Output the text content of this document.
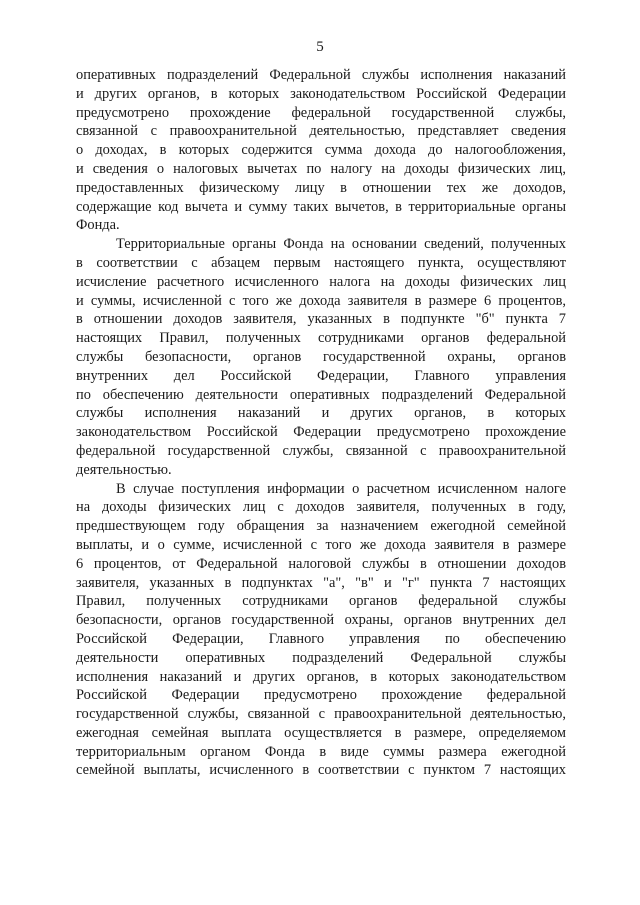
5
оперативных подразделений Федеральной службы исполнения наказаний
и других органов, в которых законодательством Российской Федерации
предусмотрено прохождение федеральной государственной службы,
связанной с правоохранительной деятельностью, представляет сведения
о доходах, в которых содержится сумма дохода до налогообложения,
и сведения о налоговых вычетах по налогу на доходы физических лиц,
предоставленных физическому лицу в отношении тех же доходов,
содержащие код вычета и сумму таких вычетов, в территориальные органы
Фонда.
Территориальные органы Фонда на основании сведений, полученных
в соответствии с абзацем первым настоящего пункта, осуществляют
исчисление расчетного исчисленного налога на доходы физических лиц
и суммы, исчисленной с того же дохода заявителя в размере 6 процентов,
в отношении доходов заявителя, указанных в подпункте "б" пункта 7
настоящих Правил, полученных сотрудниками органов федеральной
службы безопасности, органов государственной охраны, органов
внутренних дел Российской Федерации, Главного управления
по обеспечению деятельности оперативных подразделений Федеральной
службы исполнения наказаний и других органов, в которых
законодательством Российской Федерации предусмотрено прохождение
федеральной государственной службы, связанной с правоохранительной
деятельностью.
В случае поступления информации о расчетном исчисленном налоге
на доходы физических лиц с доходов заявителя, полученных в году,
предшествующем году обращения за назначением ежегодной семейной
выплаты, и о сумме, исчисленной с того же дохода заявителя в размере
6 процентов, от Федеральной налоговой службы в отношении доходов
заявителя, указанных в подпунктах "а", "в" и "г" пункта 7 настоящих
Правил, полученных сотрудниками органов федеральной службы
безопасности, органов государственной охраны, органов внутренних дел
Российской Федерации, Главного управления по обеспечению
деятельности оперативных подразделений Федеральной службы
исполнения наказаний и других органов, в которых законодательством
Российской Федерации предусмотрено прохождение федеральной
государственной службы, связанной с правоохранительной деятельностью,
ежегодная семейная выплата осуществляется в размере, определяемом
территориальным органом Фонда в виде суммы размера ежегодной
семейной выплаты, исчисленного в соответствии с пунктом 7 настоящих
